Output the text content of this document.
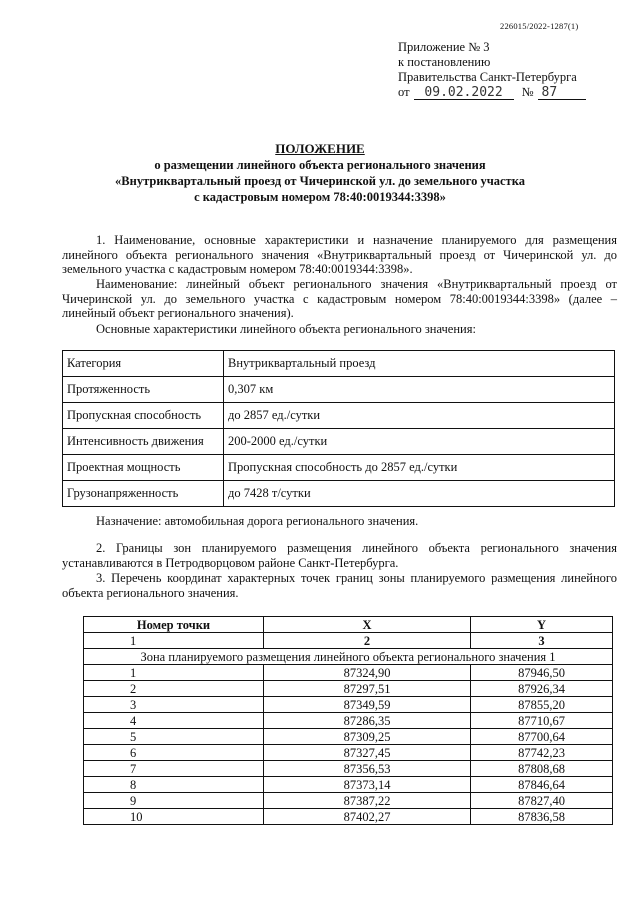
226015/2022-1287(1)
Приложение № 3
к постановлению
Правительства Санкт-Петербурга
от	09.02.2022	№ 87
ПОЛОЖЕНИЕ
о размещении линейного объекта регионального значения
«Внутриквартальный проезд от Чичеринской ул. до земельного участка
с кадастровым номером 78:40:0019344:3398»
1. Наименование, основные характеристики и назначение планируемого для размещения линейного объекта регионального значения «Внутриквартальный проезд от Чичеринской ул. до земельного участка с кадастровым номером 78:40:0019344:3398».
Наименование: линейный объект регионального значения «Внутриквартальный проезд от Чичеринской ул. до земельного участка с кадастровым номером 78:40:0019344:3398» (далее – линейный объект регионального значения).
Основные характеристики линейного объекта регионального значения:
Категория	Внутриквартальный проезд
Протяженность	0,307 км
Пропускная способность	до 2857 ед./сутки
Интенсивность движения	200-2000 ед./сутки
Проектная мощность	Пропускная способность до 2857 ед./сутки
Грузонапряженность	до 7428 т/сутки
Назначение: автомобильная дорога регионального значения.
2. Границы зон планируемого размещения линейного объекта регионального значения устанавливаются в Петродворцовом районе Санкт-Петербурга.
3. Перечень координат характерных точек границ зоны планируемого размещения линейного объекта регионального значения.
Номер точки	X	Y
1	2	3
Зона планируемого размещения линейного объекта регионального значения 1		
1	87324,90	87946,50
2	87297,51	87926,34
3	87349,59	87855,20
4	87286,35	87710,67
5	87309,25	87700,64
6	87327,45	87742,23
7	87356,53	87808,68
8	87373,14	87846,64
9	87387,22	87827,40
10	87402,27	87836,58
